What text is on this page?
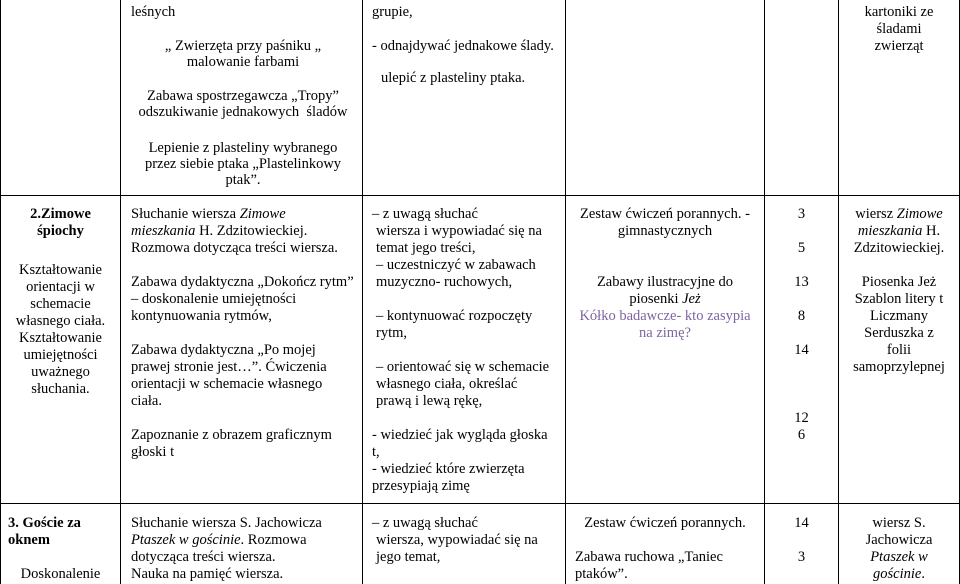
leśnych
„ Zwierzęta przy paśniku „
malowanie farbami
Zabawa spostrzegawcza „Tropy”
odszukiwanie jednakowych  śladów
Lepienie z plasteliny wybranego
przez siebie ptaka „Plastelinkowy
ptak”.
grupie,
- odnajdywać jednakowe ślady.
ulepić z plasteliny ptaka.
kartoniki ze
śladami
zwierząt
2.Zimowe
śpiochy
Kształtowanie
orientacji w
schemacie
własnego ciała.
Kształtowanie
umiejętności
uważnego
słuchania.
Słuchanie wiersza Zimowe
mieszkania H. Zdzitowieckiej.
Rozmowa dotycząca treści wiersza.
Zabawa dydaktyczna „Dokończ rytm”
– doskonalenie umiejętności
kontynuowania rytmów,
Zabawa dydaktyczna „Po mojej
prawej stronie jest…”. Ćwiczenia
orientacji w schemacie własnego
ciała.
Zapoznanie z obrazem graficznym
głoski t
– z uwagą słuchać
wiersza i wypowiadać się na
temat jego treści,
– uczestniczyć w zabawach
muzyczno- ruchowych,
– kontynuować rozpoczęty
rytm,
– orientować się w schemacie
własnego ciała, określać
prawą i lewą rękę,
- wiedzieć jak wygląda głoska
t,
- wiedzieć które zwierzęta
przesypiają zimę
Zestaw ćwiczeń porannych. -
gimnastycznych
Zabawy ilustracyjne do
piosenki Jeż
Kółko badawcze- kto zasypia
na zimę?
3
5
13
8
14
12
6
wiersz Zimowe
mieszkania H.
Zdzitowieckiej.
Piosenka Jeż
Szablon litery t
Liczmany
Serduszka z
folii
samoprzylepnej
3. Goście za
oknem
Doskonalenie
Słuchanie wiersza S. Jachowicza
Ptaszek w gościnie. Rozmowa
dotycząca treści wiersza.
Nauka na pamięć wiersza.
– z uwagą słuchać
wiersza, wypowiadać się na
jego temat,
Zestaw ćwiczeń porannych.
Zabawa ruchowa „Taniec
ptaków”.
14
3
wiersz S.
Jachowicza
Ptaszek w
gościnie.
